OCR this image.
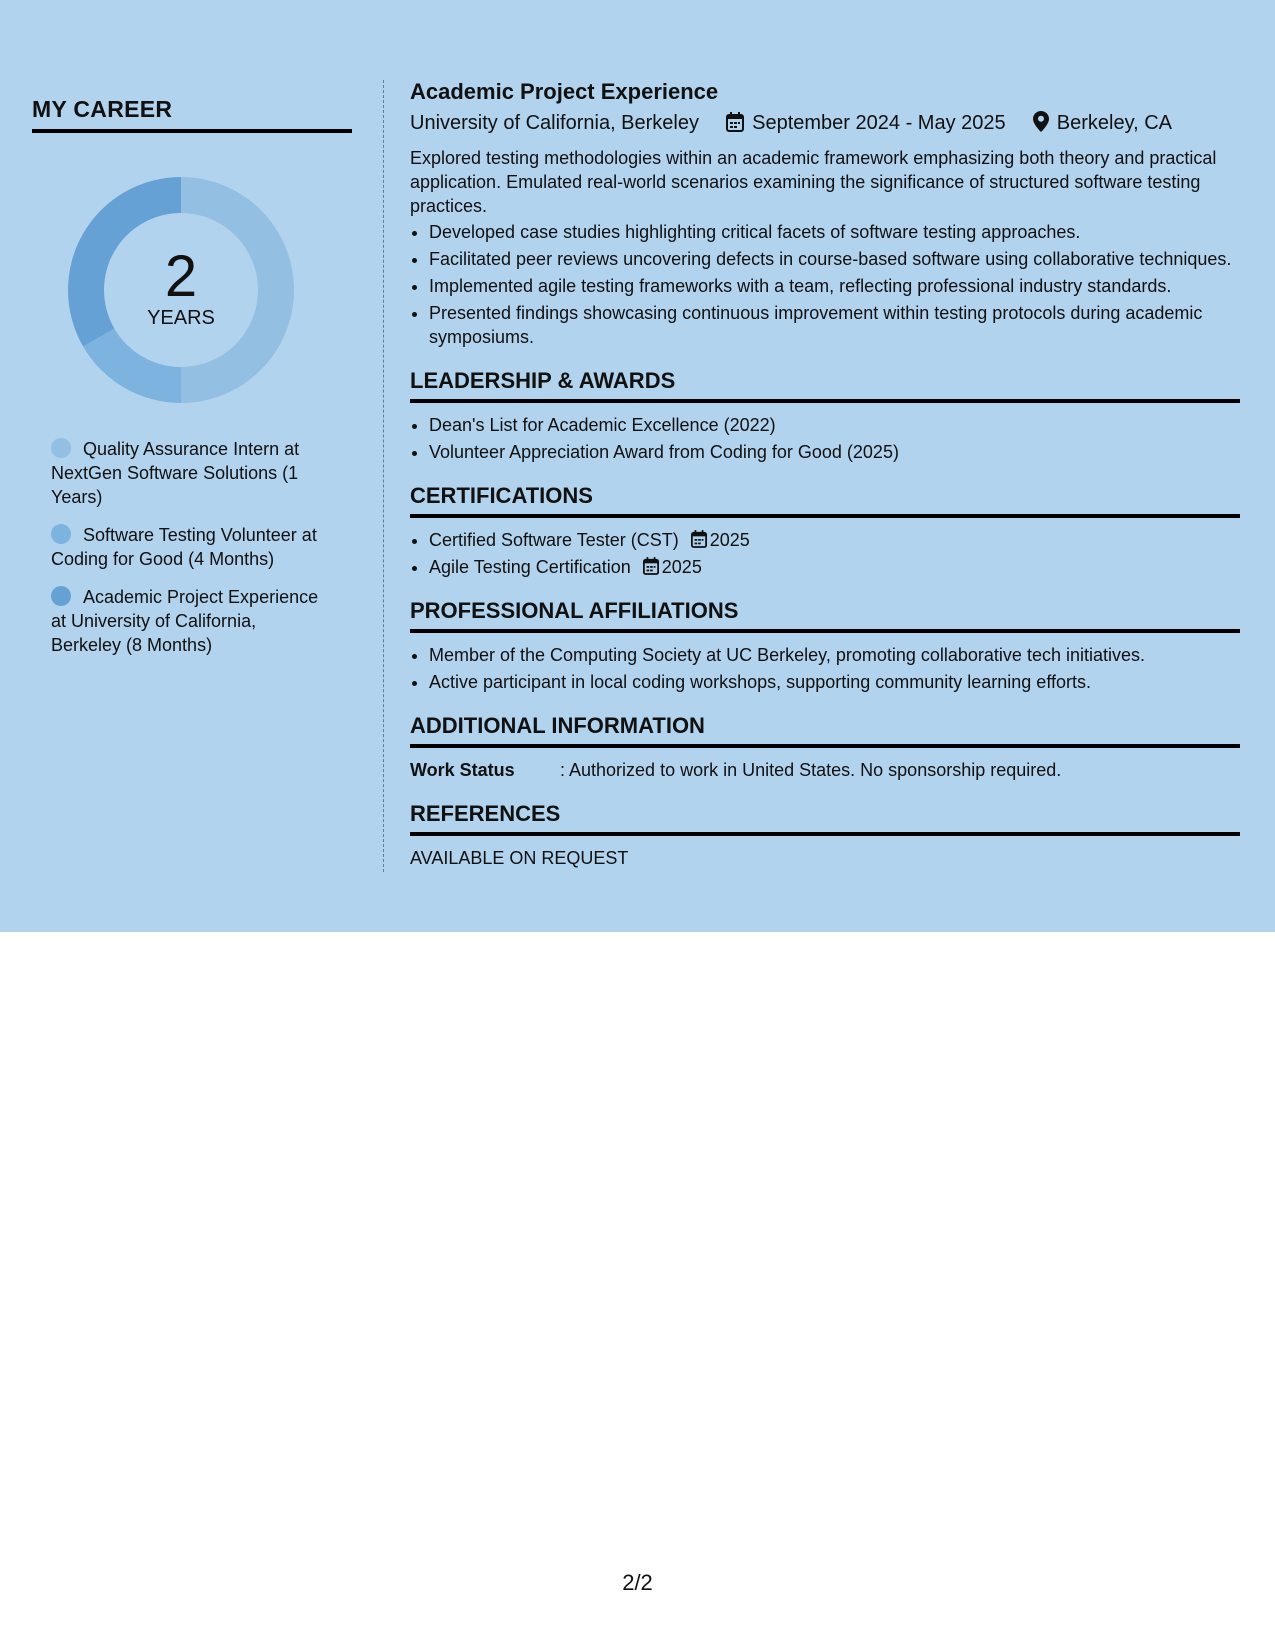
MY CAREER
2
YEARS
Quality Assurance Intern at NextGen Software Solutions (1 Years)
Software Testing Volunteer at Coding for Good (4 Months)
Academic Project Experience at University of California, Berkeley (8 Months)
Academic Project Experience
University of California, Berkeley	September 2024 - May 2025	Berkeley, CA

Explored testing methodologies within an academic framework emphasizing both theory and practical application. Emulated real-world scenarios examining the significance of structured software testing practices.

• Developed case studies highlighting critical facets of software testing approaches.
• Facilitated peer reviews uncovering defects in course-based software using collaborative techniques.
• Implemented agile testing frameworks with a team, reflecting professional industry standards.
• Presented findings showcasing continuous improvement within testing protocols during academic symposiums.
LEADERSHIP & AWARDS
• Dean's List for Academic Excellence (2022)
• Volunteer Appreciation Award from Coding for Good (2025)
CERTIFICATIONS
• Certified Software Tester (CST) 2025
• Agile Testing Certification 2025
PROFESSIONAL AFFILIATIONS
• Member of the Computing Society at UC Berkeley, promoting collaborative tech initiatives.
• Active participant in local coding workshops, supporting community learning efforts.
ADDITIONAL INFORMATION
Work Status	: Authorized to work in United States. No sponsorship required.
REFERENCES
AVAILABLE ON REQUEST
2/2
